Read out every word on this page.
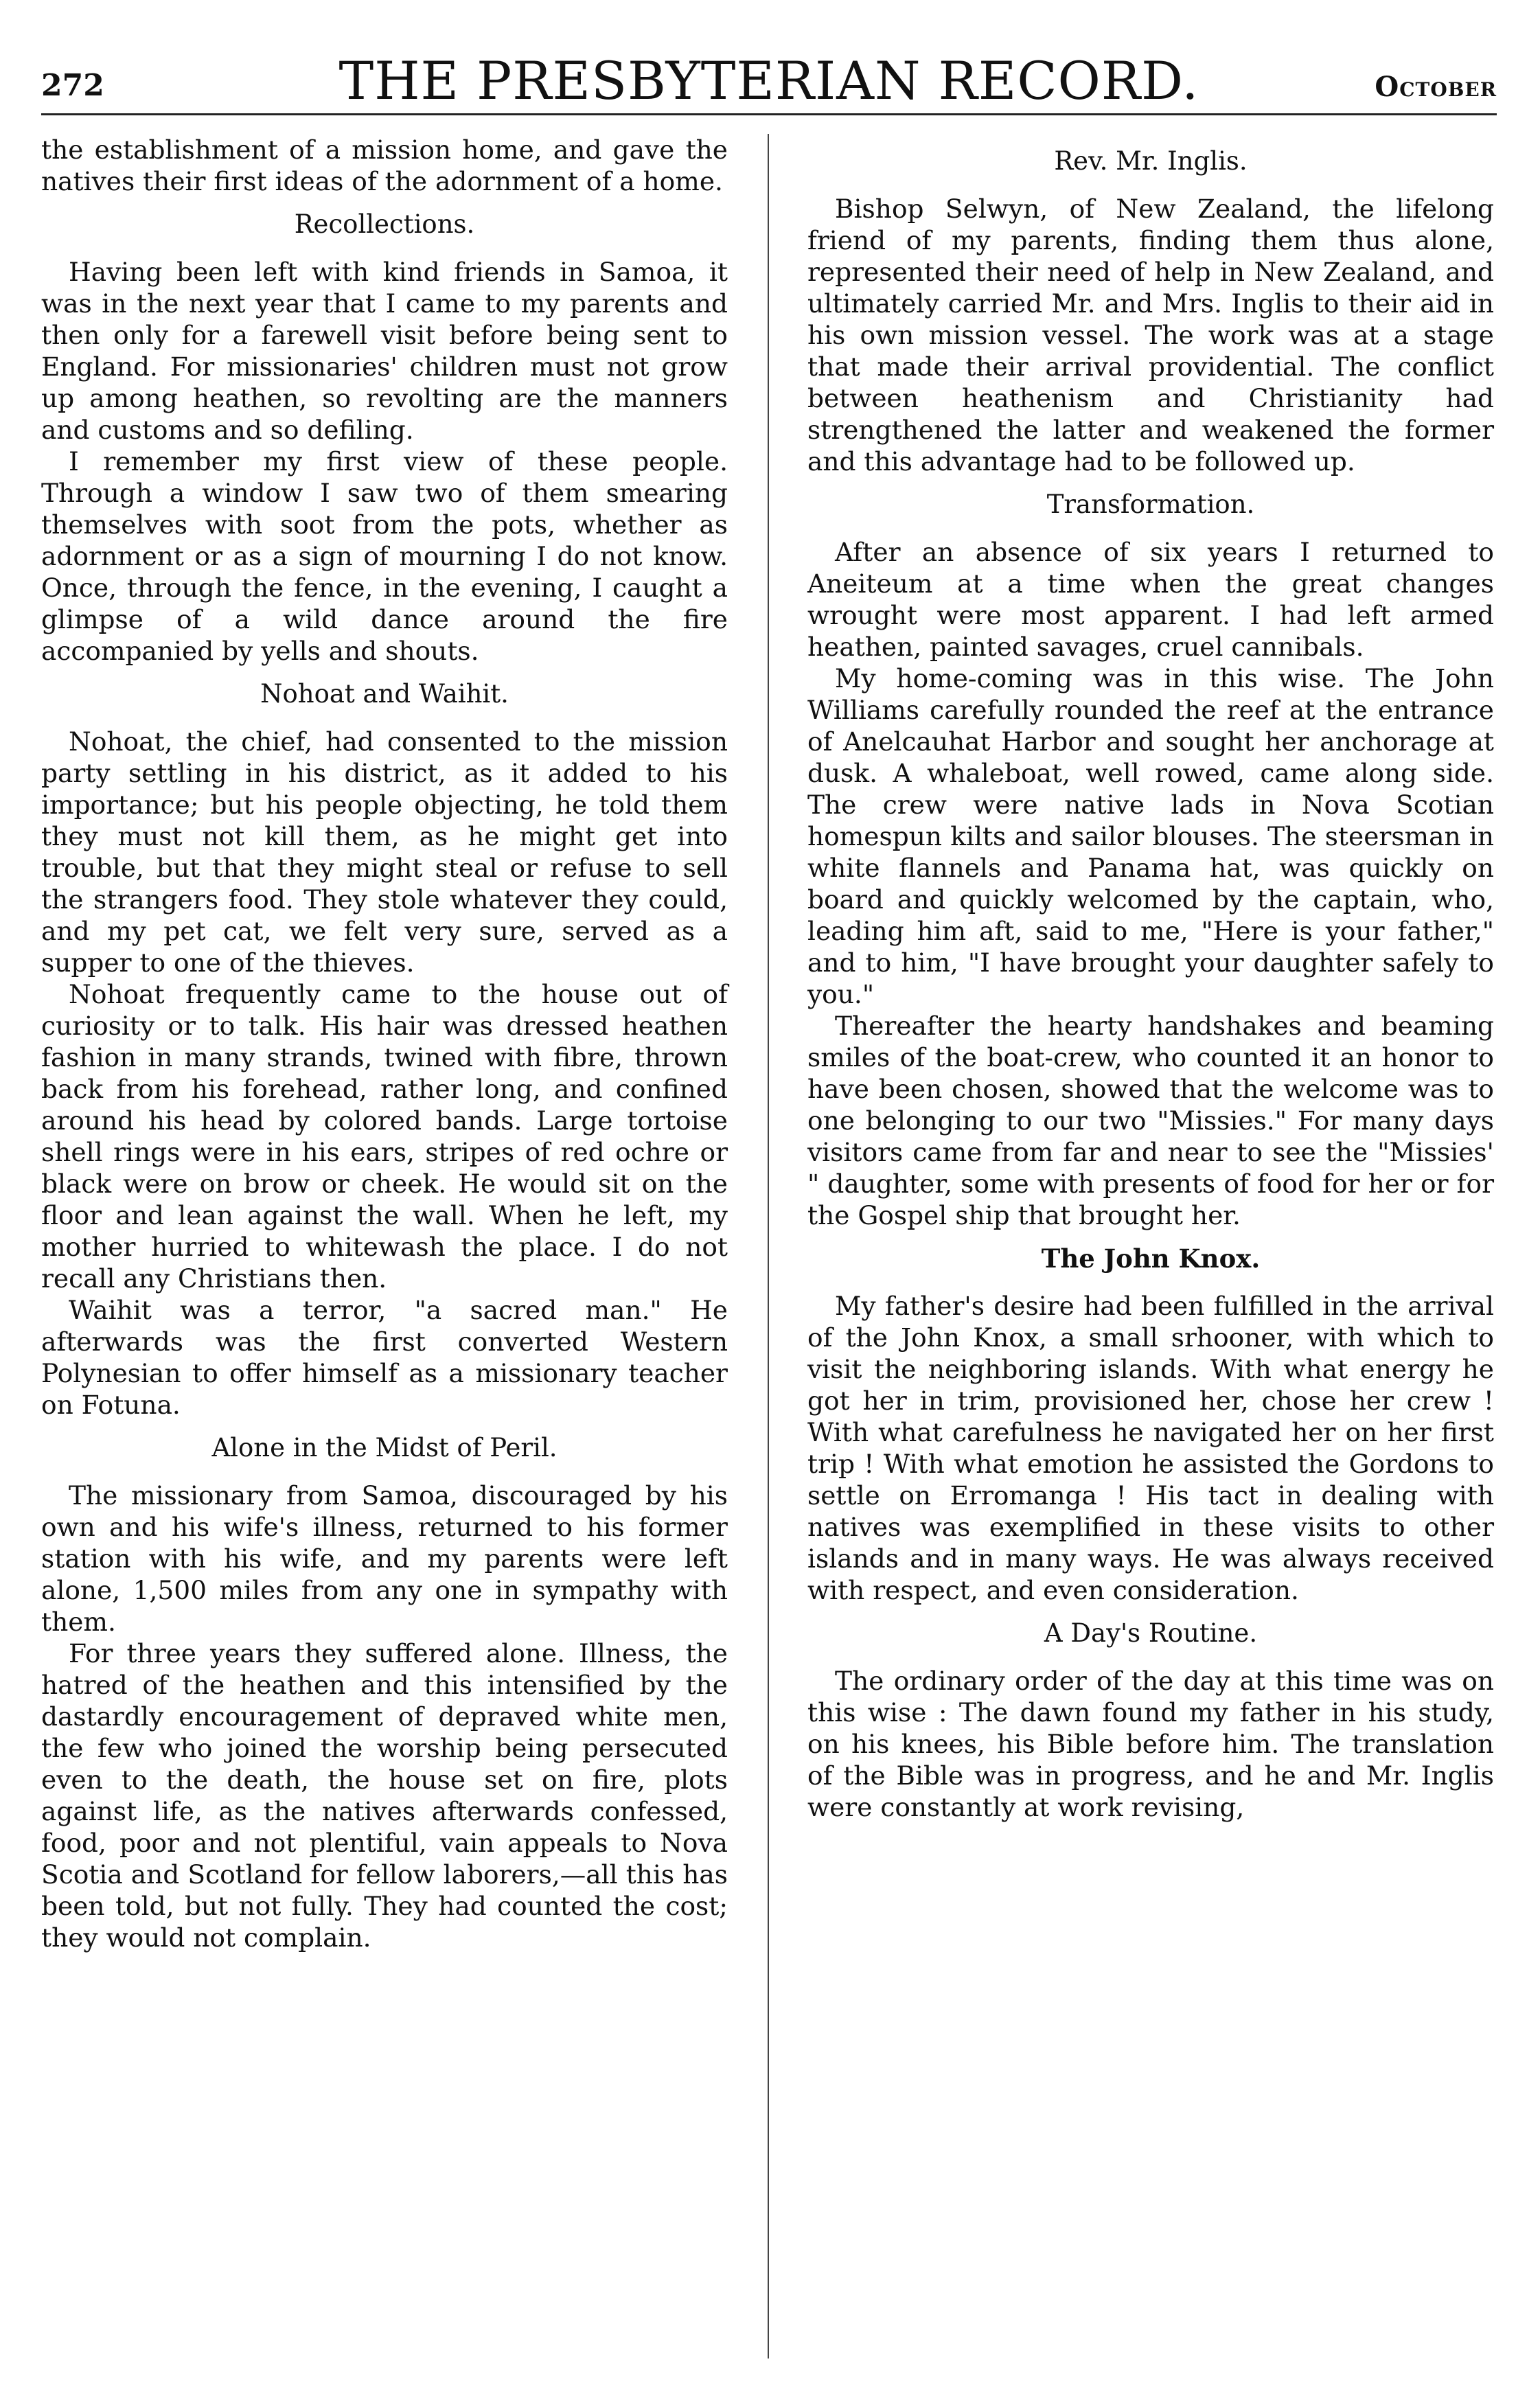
272	THE PRESBYTERIAN RECORD.	October

the establishment of a mission home, and gave the natives their first ideas of the adornment of a home.

Recollections.

Having been left with kind friends in Samoa, it was in the next year that I came to my parents and then only for a farewell visit before being sent to England. For missionaries' children must not grow up among heathen, so revolting are the manners and customs and so defiling.

I remember my first view of these people. Through a window I saw two of them smearing themselves with soot from the pots, whether as adornment or as a sign of mourning I do not know. Once, through the fence, in the evening, I caught a glimpse of a wild dance around the fire accompanied by yells and shouts.

Nohoat and Waihit.

Nohoat, the chief, had consented to the mission party settling in his district, as it added to his importance; but his people objecting, he told them they must not kill them, as he might get into trouble, but that they might steal or refuse to sell the strangers food. They stole whatever they could, and my pet cat, we felt very sure, served as a supper to one of the thieves.

Nohoat frequently came to the house out of curiosity or to talk. His hair was dressed heathen fashion in many strands, twined with fibre, thrown back from his forehead, rather long, and confined around his head by colored bands. Large tortoise shell rings were in his ears, stripes of red ochre or black were on brow or cheek. He would sit on the floor and lean against the wall. When he left, my mother hurried to whitewash the place. I do not recall any Christians then.

Waihit was a terror, "a sacred man." He afterwards was the first converted Western Polynesian to offer himself as a missionary teacher on Fotuna.

Alone in the Midst of Peril.

The missionary from Samoa, discouraged by his own and his wife's illness, returned to his former station with his wife, and my parents were left alone, 1,500 miles from any one in sympathy with them.

For three years they suffered alone. Illness, the hatred of the heathen and this intensified by the dastardly encouragement of depraved white men, the few who joined the worship being persecuted even to the death, the house set on fire, plots against life, as the natives afterwards confessed, food, poor and not plentiful, vain appeals to Nova Scotia and Scotland for fellow laborers,—all this has been told, but not fully. They had counted the cost; they would not complain.

Rev. Mr. Inglis.

Bishop Selwyn, of New Zealand, the lifelong friend of my parents, finding them thus alone, represented their need of help in New Zealand, and ultimately carried Mr. and Mrs. Inglis to their aid in his own mission vessel. The work was at a stage that made their arrival providential. The conflict between heathenism and Christianity had strengthened the latter and weakened the former and this advantage had to be followed up.

Transformation.

After an absence of six years I returned to Aneiteum at a time when the great changes wrought were most apparent. I had left armed heathen, painted savages, cruel cannibals.

My home-coming was in this wise. The John Williams carefully rounded the reef at the entrance of Anelcauhat Harbor and sought her anchorage at dusk. A whaleboat, well rowed, came along side. The crew were native lads in Nova Scotian homespun kilts and sailor blouses. The steersman in white flannels and Panama hat, was quickly on board and quickly welcomed by the captain, who, leading him aft, said to me, "Here is your father," and to him, "I have brought your daughter safely to you."

Thereafter the hearty handshakes and beaming smiles of the boat-crew, who counted it an honor to have been chosen, showed that the welcome was to one belonging to our two "Missies." For many days visitors came from far and near to see the "Missies' " daughter, some with presents of food for her or for the Gospel ship that brought her.

The John Knox.

My father's desire had been fulfilled in the arrival of the John Knox, a small srhooner, with which to visit the neighboring islands. With what energy he got her in trim, provisioned her, chose her crew ! With what carefulness he navigated her on her first trip ! With what emotion he assisted the Gordons to settle on Erromanga ! His tact in dealing with natives was exemplified in these visits to other islands and in many ways. He was always received with respect, and even consideration.

A Day's Routine.

The ordinary order of the day at this time was on this wise : The dawn found my father in his study, on his knees, his Bible before him. The translation of the Bible was in progress, and he and Mr. Inglis were constantly at work revising,
